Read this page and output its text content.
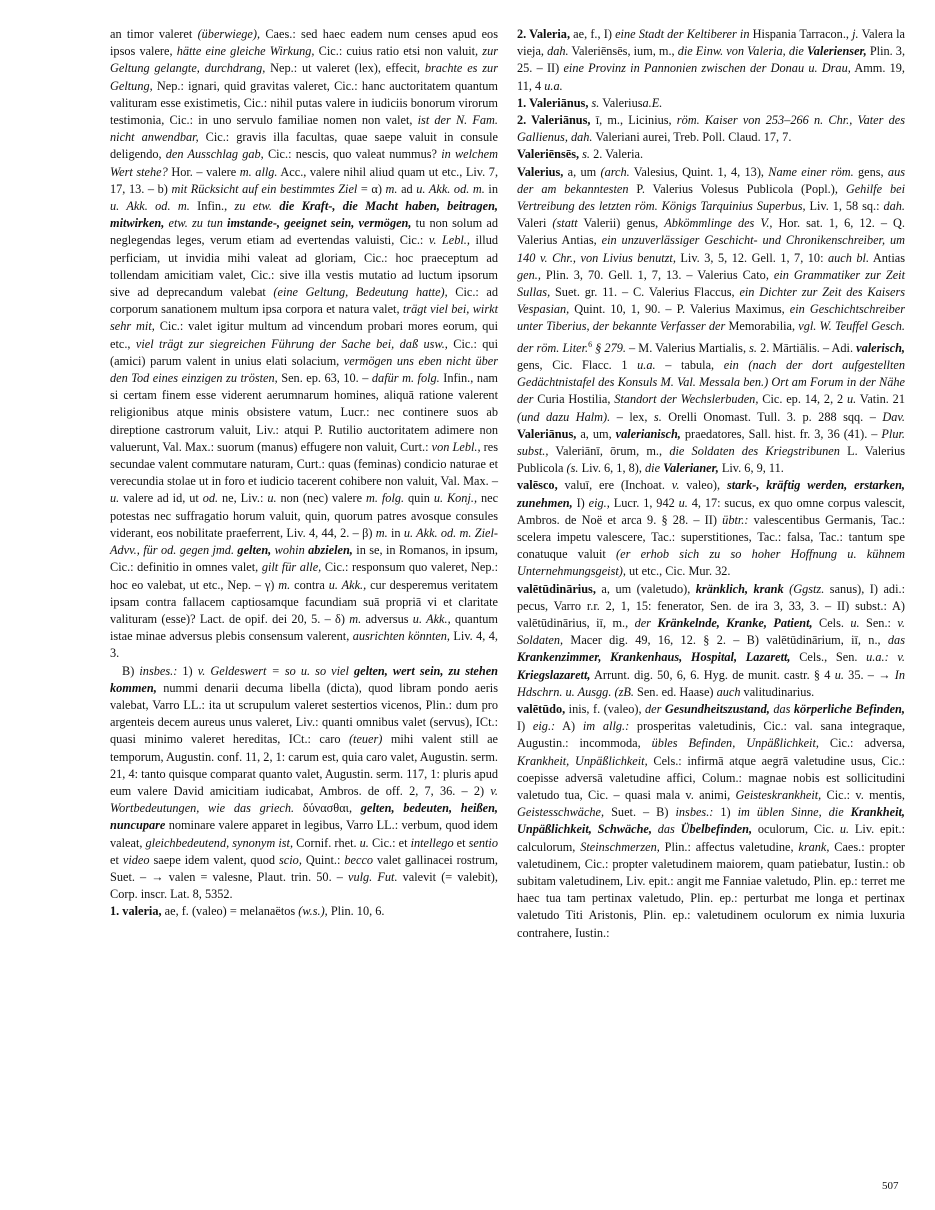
an timor valeret (überwiege), Caes.: sed haec eadem num censes apud eos ipsos valere, hätte eine gleiche Wirkung, Cic.: cuius ratio etsi non valuit, zur Geltung gelangte, durchdrang, Nep.: ut valeret (lex), effecit, brachte es zur Geltung, Nep.: ignari, quid gravitas valeret, Cic.: hanc auctoritatem quantum valituram esse existimetis, Cic.: nihil putas valere in iudiciis bonorum virorum testimonia, Cic.: in uno servulo familiae nomen non valet, ist der N. Fam. nicht anwendbar, Cic.: gravis illa facultas, quae saepe valuit in consule deligendo, den Ausschlag gab, Cic.: nescis, quo valeat nummus? in welchem Wert stehe? Hor. – valere m. allg. Acc., valere nihil aliud quam ut etc., Liv. 7, 17, 13. – b) mit Rücksicht auf ein bestimmtes Ziel = α) m. ad u. Akk. od. m. in u. Akk. od. m. Infin., zu etw. die Kraft-, die Macht haben, beitragen, mitwirken, etw. zu tun imstande-, geeignet sein, vermögen, tu non solum ad neglegendas leges, verum etiam ad evertendas valuisti, Cic.: v. Lebl., illud perficiam, ut invidia mihi valeat ad gloriam, Cic.: hoc praeceptum ad tollendam amicitiam valet, Cic.: sive illa vestis mutatio ad luctum ipsorum sive ad deprecandum valebat (eine Geltung, Bedeutung hatte), Cic.: ad corporum sanationem multum ipsa corpora et natura valet, trägt viel bei, wirkt sehr mit, Cic.: valet igitur multum ad vincendum probari mores eorum, qui etc., viel trägt zur siegreichen Führung der Sache bei, daß usw., Cic.: qui (amici) parum valent in unius elati solacium, vermögen uns eben nicht über den Tod eines einzigen zu trösten, Sen. ep. 63, 10. – dafür m. folg. Infin., nam si certam finem esse viderent aerumnarum homines, aliquā ratione valerent religionibus atque minis obsistere vatum, Lucr.: nec continere suos ab direptione castrorum valuit, Liv.: atqui P. Rutilio auctoritatem adimere non valuerunt, Val. Max.: suorum (manus) effugere non valuit, Curt.: von Lebl., res secundae valent commutare naturam, Curt.: quas (feminas) condicio naturae et verecundia stolae ut in foro et iudicio tacerent cohibere non valuit, Val. Max. – u. valere ad id, ut od. ne, Liv.: u. non (nec) valere m. folg. quin u. Konj., nec potestas nec suffragatio horum valuit, quin, quorum patres avosque consules viderant, eos nobilitate praeferrent, Liv. 4, 44, 2. – β) m. in u. Akk. od. m. Ziel-Advv., für od. gegen jmd. gelten, wohin abzielen, in se, in Romanos, in ipsum, Cic.: definitio in omnes valet, gilt für alle, Cic.: responsum quo valeret, Nep.: hoc eo valebat, ut etc., Nep. – γ) m. contra u. Akk., cur desperemus veritatem ipsam contra fallacem captiosamque facundiam suā propriā vi et claritate valituram (esse)? Lact. de opif. dei 20, 5. – δ) m. adversus u. Akk., quantum istae minae adversus plebis consensum valerent, ausrichten könnten, Liv. 4, 4, 3.

B) insbes.: 1) v. Geldeswert = so u. so viel gelten, wert sein, zu stehen kommen, nummi denarii decuma libella (dicta), quod libram pondo aeris valebat, Varro LL.: ita ut scrupulum valeret sestertios vicenos, Plin.: dum pro argenteis decem aureus unus valeret, Liv.: quanti omnibus valet (servus), ICt.: quasi minimo valeret hereditas, ICt.: caro (teuer) mihi valent still ae temporum, Augustin. conf. 11, 2, 1: carum est, quia caro valet, Augustin. serm. 21, 4: tanto quisque comparat quanto valet, Augustin. serm. 117, 1: pluris apud eum valere David amicitiam iudicabat, Ambros. de off. 2, 7, 36. – 2) v. Wortbedeutungen, wie das griech. δύνασθαι, gelten, bedeuten, heißen, nuncupare nominare valere apparet in legibus, Varro LL.: verbum, quod idem valeat, gleichbedeutend, synonym ist, Cornif. rhet. u. Cic.: et intellego et sentio et video saepe idem valent, quod scio, Quint.: becco valet gallinacei rostrum, Suet. – → valen = valesne, Plaut. trin. 50. – vulg. Fut. valevit (= valebit), Corp. inscr. Lat. 8, 5352.

1. valeria, ae, f. (valeo) = melanaëtos (w.s.), Plin. 10, 6.

2. Valeria, ae, f., I) eine Stadt der Keltiberer in Hispania Tarracon., j. Valera la vieja, dah. Valeriēnsēs, ium, m., die Einw. von Valeria, die Valerienser, Plin. 3, 25. – II) eine Provinz in Pannonien zwischen der Donau u. Drau, Amm. 19, 11, 4 u.a.

1. Valeriānus, s. Valeriusa.E.

2. Valeriānus, ī, m., Licinius, röm. Kaiser von 253–266 n. Chr., Vater des Gallienus, dah. Valeriani aurei, Treb. Poll. Claud. 17, 7.

Valeriēnsēs, s. 2. Valeria.

Valerius, a, um (arch. Valesius, Quint. 1, 4, 13), Name einer röm. gens, aus der am bekanntesten P. Valerius Volesus Publicola (Popl.), Gehilfe bei Vertreibung des letzten röm. Königs Tarquinius Superbus, Liv. 1, 58 sq.: dah. Valeri (statt Valerii) genus, Abkömmlinge des V., Hor. sat. 1, 6, 12. – Q. Valerius Antias, ein unzuverlässiger Geschicht- und Chronikenschreiber, um 140 v. Chr., von Livius benutzt, Liv. 3, 5, 12. Gell. 1, 7, 10: auch bl. Antias gen., Plin. 3, 70. Gell. 1, 7, 13. – Valerius Cato, ein Grammatiker zur Zeit Sullas, Suet. gr. 11. – C. Valerius Flaccus, ein Dichter zur Zeit des Kaisers Vespasian, Quint. 10, 1, 90. – P. Valerius Maximus, ein Geschichtschreiber unter Tiberius, der bekannte Verfasser der Memorabilia, vgl. W. Teuffel Gesch. der röm. Liter.$^6$ § 279. – M. Valerius Martialis, s. 2. Mārtiālis. – Adi. valerisch, gens, Cic. Flacc. 1 u.a. – tabula, ein (nach der dort aufgestellten Gedächtnistafel des Konsuls M. Val. Messala ben.) Ort am Forum in der Nähe der Curia Hostilia, Standort der Wechslerbuden, Cic. ep. 14, 2, 2 u. Vatin. 21 (und dazu Halm). – lex, s. Orelli Onomast. Tull. 3. p. 288 sqq. – Dav. Valeriānus, a, um, valerianisch, praedatores, Sall. hist. fr. 3, 36 (41). – Plur. subst., Valeriānī, ōrum, m., die Soldaten des Kriegstribunen L. Valerius Publicola (s. Liv. 6, 1, 8), die Valerianer, Liv. 6, 9, 11.

valēsco, valuī, ere (Inchoat. v. valeo), stark-, kräftig werden, erstarken, zunehmen, I) eig., Lucr. 1, 942 u. 4, 17: sucus, ex quo omne corpus valescit, Ambros. de Noë et arca 9. § 28. – II) übtr.: valescentibus Germanis, Tac.: scelera impetu valescere, Tac.: superstitiones, Tac.: falsa, Tac.: tantum spe conatuque valuit (er erhob sich zu so hoher Hoffnung u. kühnem Unternehmungsgeist), ut etc., Cic. Mur. 32.

valētūdinārius, a, um (valetudo), kränklich, krank (Ggstz. sanus), I) adi.: pecus, Varro r.r. 2, 1, 15: fenerator, Sen. de ira 3, 33, 3. – II) subst.: A) valētūdinārius, iī, m., der Kränkelnde, Kranke, Patient, Cels. u. Sen.: v. Soldaten, Macer dig. 49, 16, 12. § 2. – B) valētūdinārium, iī, n., das Krankenzimmer, Krankenhaus, Hospital, Lazarett, Cels., Sen. u.a.: v. Kriegslazarett, Arrunt. dig. 50, 6, 6. Hyg. de munit. castr. § 4 u. 35. – → In Hdschrn. u. Ausgg. (zB. Sen. ed. Haase) auch valitudinarius.

valētūdo, inis, f. (valeo), der Gesundheitszustand, das körperliche Befinden, I) eig.: A) im allg.: prosperitas valetudinis, Cic.: val. sana integraque, Augustin.: incommoda, übles Befinden, Unpäßlichkeit, Cic.: adversa, Krankheit, Unpäßlichkeit, Cels.: infirmā atque aegrā valetudine usus, Cic.: coepisse adversā valetudine affici, Colum.: magnae nobis est sollicitudini valetudo tua, Cic. – quasi mala v. animi, Geisteskrankheit, Cic.: v. mentis, Geistesschwäche, Suet. – B) insbes.: 1) im üblen Sinne, die Krankheit, Unpäßlichkeit, Schwäche, das Übelbefinden, oculorum, Cic. u. Liv. epit.: calculorum, Steinschmerzen, Plin.: affectus valetudine, krank, Caes.: propter valetudinem, Cic.: propter valetudinem maiorem, quam patiebatur, Iustin.: ob subitam valetudinem, Liv. epit.: angit me Fanniae valetudo, Plin. ep.: terret me haec tua tam pertinax valetudo, Plin. ep.: perturbat me longa et pertinax valetudo Titi Aristonis, Plin. ep.: valetudinem oculorum ex nimia luxuria contrahere, Iustin.:

507
